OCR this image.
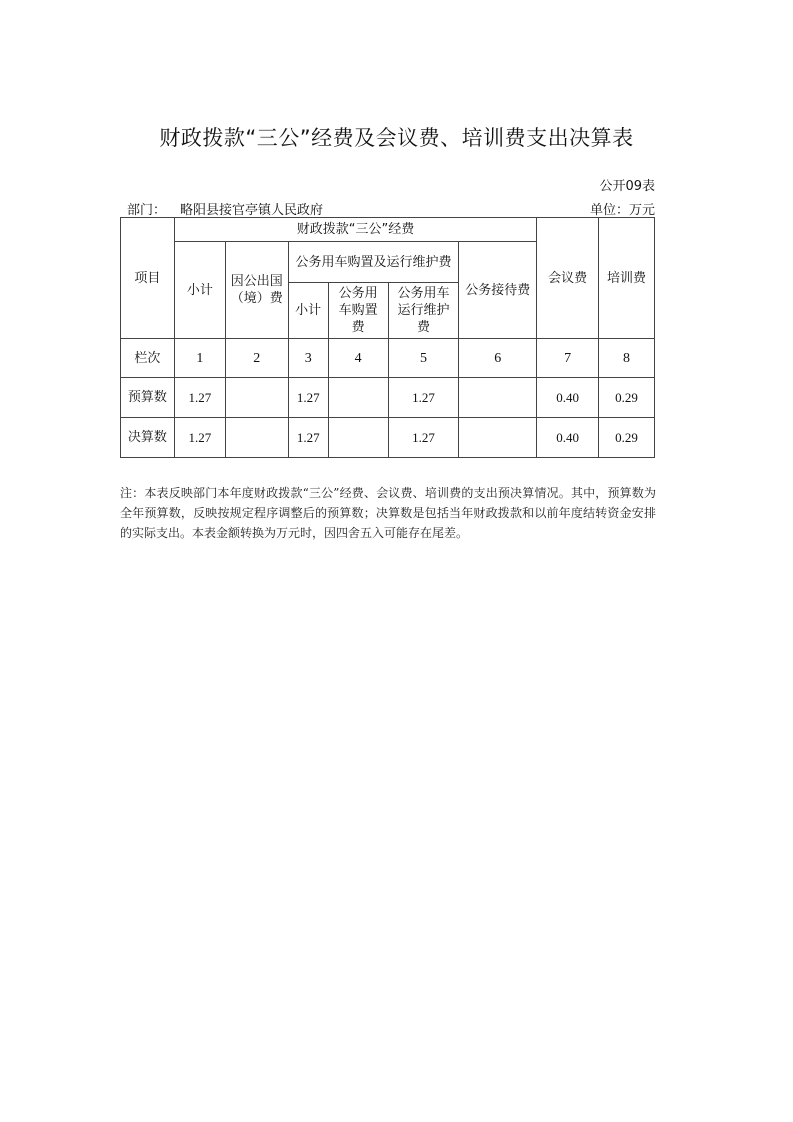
财政拨款“三公”经费及会议费、培训费支出决算表
公开09表
部门： 略阳县接官亭镇人民政府	单位：万元
项目	财政拨款“三公”经费						会议费	培训费
	小计	因公出国（境）费	公务用车购置及运行维护费			公务接待费		
			小计	公务用车购置费	公务用车运行维护费			
栏次	1	2	3	4	5	6	7	8
预算数	1.27		1.27		1.27		0.40	0.29
决算数	1.27		1.27		1.27		0.40	0.29

注：本表反映部门本年度财政拨款“三公”经费、会议费、培训费的支出预决算情况。其中，预算数为全年预算数，反映按规定程序调整后的预算数；决算数是包括当年财政拨款和以前年度结转资金安排的实际支出。本表金额转换为万元时，因四舍五入可能存在尾差。
